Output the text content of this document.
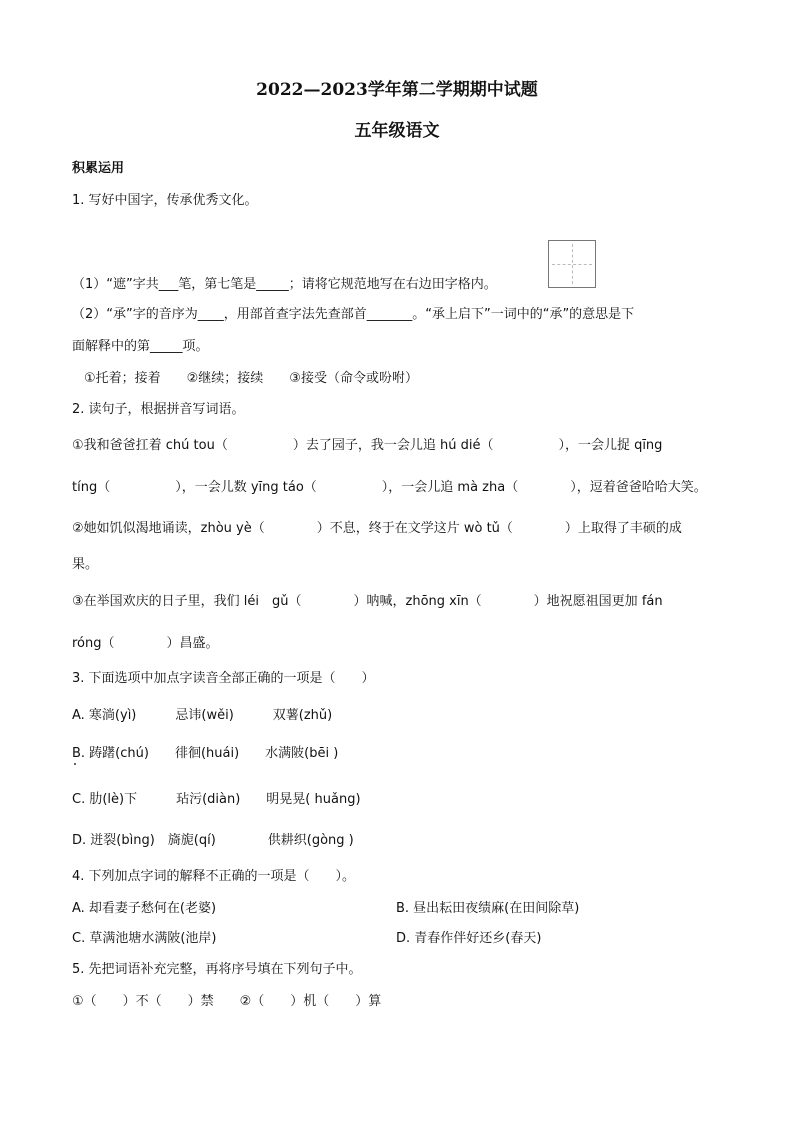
2022—2023学年第二学期期中试题
五年级语文
积累运用
1. 写好中国字，传承优秀文化。
（1）“遮”字共___笔，第七笔是_____；请将它规范地写在右边田字格内。
（2）“承”字的音序为____，用部首查字法先查部首_______。“承上启下”一词中的“承”的意思是下
面解释中的第_____项。
①托着；接着　　②继续；接续　　③接受（命令或吩咐）
2. 读句子，根据拼音写词语。
①我和爸爸扛着 chú tou（　　　　　）去了园子，我一会儿追 hú dié（　　　　　），一会儿捉 qīng
tíng（　　　　　），一会儿数 yīng táo（　　　　　），一会儿追 mà zha（　　　　），逗着爸爸哈哈大笑。
②她如饥似渴地诵读，zhòu yè（　　　　）不息，终于在文学这片 wò tǔ（　　　　）上取得了丰硕的成
果。
③在举国欢庆的日子里，我们 léi　gǔ（　　　　）呐喊，zhōng xīn（　　　　）地祝愿祖国更加 fán
róng（　　　　）昌盛。
3. 下面选项中加点字读音全部正确的一项是（　　）
A. 寒淌(yì)　　　忌讳(wěi)　　　双薯(zhǔ)
B. 踌躇(chú)　　徘徊(huái)　　水满陂(bēi )
C. 肋(lè)下　　　玷污(diàn)　　明晃晃( huǎng)
D. 迸裂(bìng)　旖旎(qí)　　　　供耕织(gòng )
4. 下列加点字词的解释不正确的一项是（　　）。
A. 却看妻子愁何在(老婆)	B. 昼出耘田夜绩麻(在田间除草)
C. 草满池塘水满陂(池岸)	D. 青春作伴好还乡(春天)
5. 先把词语补充完整，再将序号填在下列句子中。
①（　　）不（　　）禁　　②（　　）机（　　）算
